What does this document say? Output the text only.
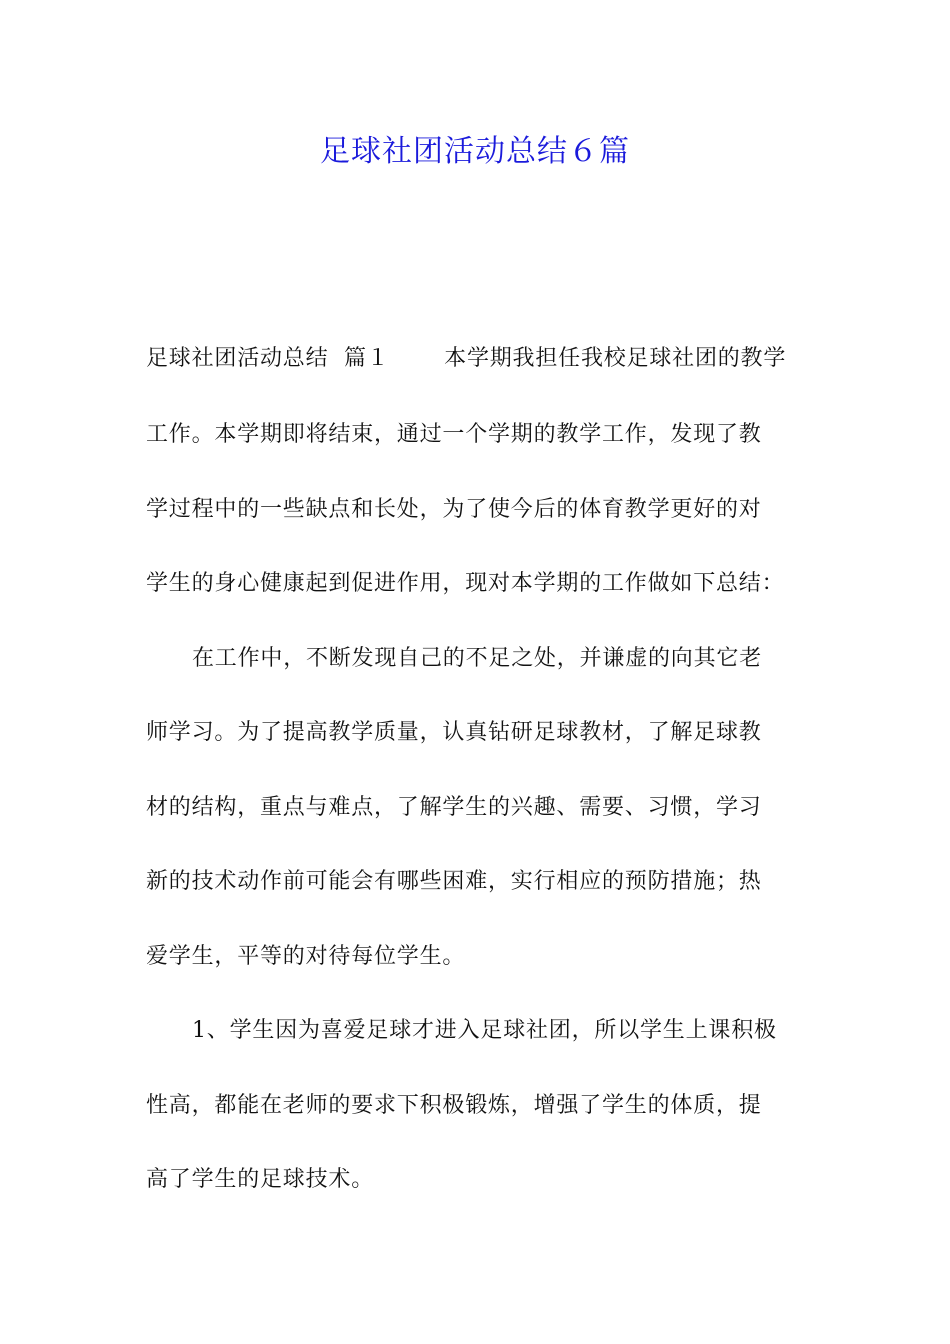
足球社团活动总结６篇

足球社团活动总结  篇１       本学期我担任我校足球社团的教学

工作。本学期即将结束，通过一个学期的教学工作，发现了教

学过程中的一些缺点和长处，为了使今后的体育教学更好的对

学生的身心健康起到促进作用，现对本学期的工作做如下总结：

在工作中，不断发现自己的不足之处，并谦虚的向其它老

师学习。为了提高教学质量，认真钻研足球教材，了解足球教

材的结构，重点与难点，了解学生的兴趣、需要、习惯，学习

新的技术动作前可能会有哪些困难，实行相应的预防措施；热

爱学生，平等的对待每位学生。

1、学生因为喜爱足球才进入足球社团，所以学生上课积极

性高，都能在老师的要求下积极锻炼，增强了学生的体质，提

高了学生的足球技术。
